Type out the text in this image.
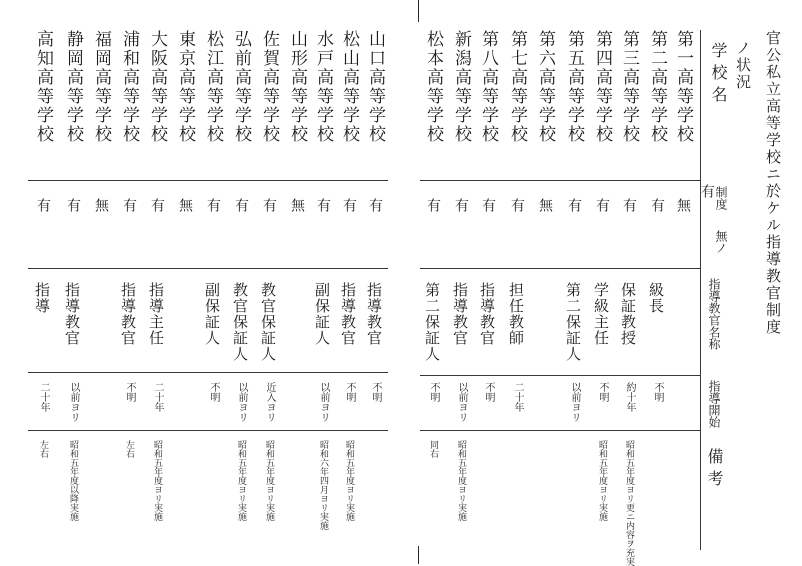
官公私立高等学校ニ於ケル指導教官制度
ノ状況
学校名
有 制度
無ノ
指導教官名称
指導開始
備考
第一高等学校
無
第二高等学校
有
級長
不明
第三高等学校
有
保証教授
約十年
昭和五年度ヨリ更ニ内容ヲ充実
第四高等学校
有
学級主任
不明
昭和五年度ヨリ実施
第五高等学校
有
第二保証人
以前ヨリ
第六高等学校
無
第七高等学校
有
担任教師
二十年
第八高等学校
有
指導教官
不明
新潟高等学校
有
指導教官
以前ヨリ
昭和五年度ヨリ実施
松本高等学校
有
第二保証人
不明
同右
山口高等学校
有
指導教官
不明
松山高等学校
有
指導教官
不明
昭和五年度ヨリ実施
水戸高等学校
有
副保証人
以前ヨリ
昭和六年四月ヨリ実施
山形高等学校
無
佐賀高等学校
有
教官保証人
近入ヨリ
昭和五年度ヨリ実施
弘前高等学校
有
教官保証人
以前ヨリ
昭和五年度ヨリ実施
松江高等学校
有
副保証人
不明
東京高等学校
無
大阪高等学校
有
指導主任
二十年
昭和五年度ヨリ実施
浦和高等学校
有
指導教官
不明
左右
福岡高等学校
無
静岡高等学校
有
指導教官
以前ヨリ
昭和五年度以降実施
高知高等学校
有
指導
二十年
左右
